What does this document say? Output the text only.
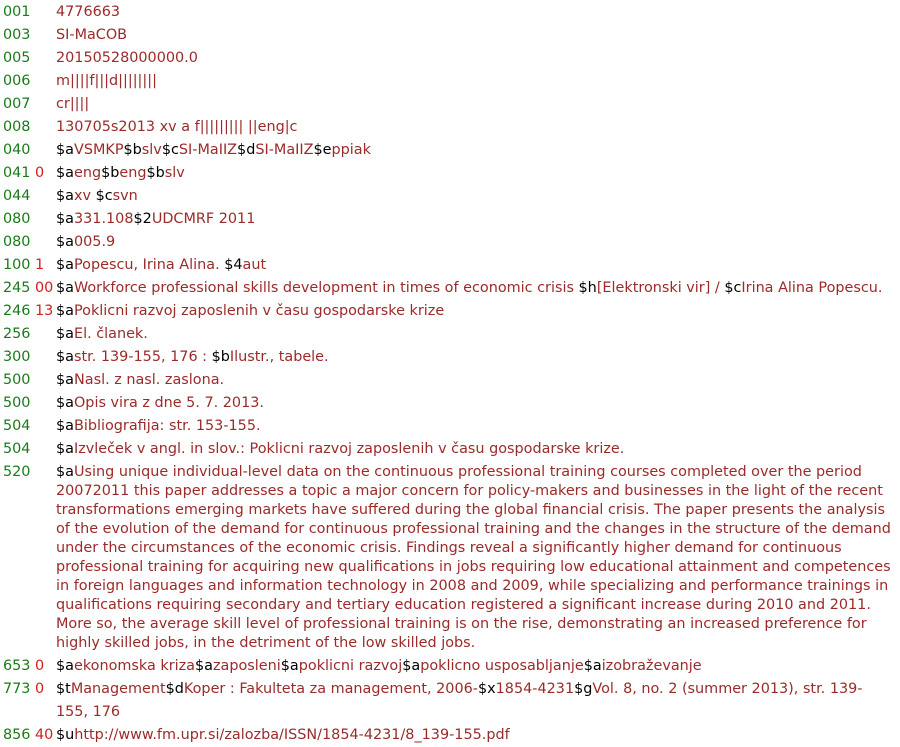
001	4776663
003	SI-MaCOB
005	20150528000000.0
006	m||||f|||d||||||||
007	cr||||
008	130705s2013 xv a f||||||||| ||eng|c
040	$aVSMKP$bslv$cSI-MaIIZ$dSI-MaIIZ$eppiak
041 0 $aeng$beng$bslv
044	$axv $csvn
080	$a331.108$2UDCMRF 2011
080	$a005.9
100 1 $aPopescu, Irina Alina. $4aut
245 00 $aWorkforce professional skills development in times of economic crisis $h[Elektronski vir] / $cIrina Alina Popescu.
246 13 $aPoklicni razvoj zaposlenih v času gospodarske krize
256	$aEl. članek.
300	$astr. 139-155, 176 : $bIlustr., tabele.
500	$aNasl. z nasl. zaslona.
500	$aOpis vira z dne 5. 7. 2013.
504	$aBibliografija: str. 153-155.
504	$aIzvleček v angl. in slov.: Poklicni razvoj zaposlenih v času gospodarske krize.
520	$aUsing unique individual-level data on the continuous professional training courses completed over the period 20072011 this paper addresses a topic a major concern for policy-makers and businesses in the light of the recent transformations emerging markets have suffered during the global financial crisis. The paper presents the analysis of the evolution of the demand for continuous professional training and the changes in the structure of the demand under the circumstances of the economic crisis. Findings reveal a significantly higher demand for continuous professional training for acquiring new qualifications in jobs requiring low educational attainment and competences in foreign languages and information technology in 2008 and 2009, while specializing and performance trainings in qualifications requiring secondary and tertiary education registered a significant increase during 2010 and 2011. More so, the average skill level of professional training is on the rise, demonstrating an increased preference for highly skilled jobs, in the detriment of the low skilled jobs.
653 0 $aekonomska kriza$azaposleni$apoklicni razvoj$apoklicno usposabljanje$aizobraževanje
773 0 $tManagement$dKoper : Fakulteta za management, 2006-$x1854-4231$gVol. 8, no. 2 (summer 2013), str. 139-155, 176
856 40 $uhttp://www.fm.upr.si/zalozba/ISSN/1854-4231/8_139-155.pdf
